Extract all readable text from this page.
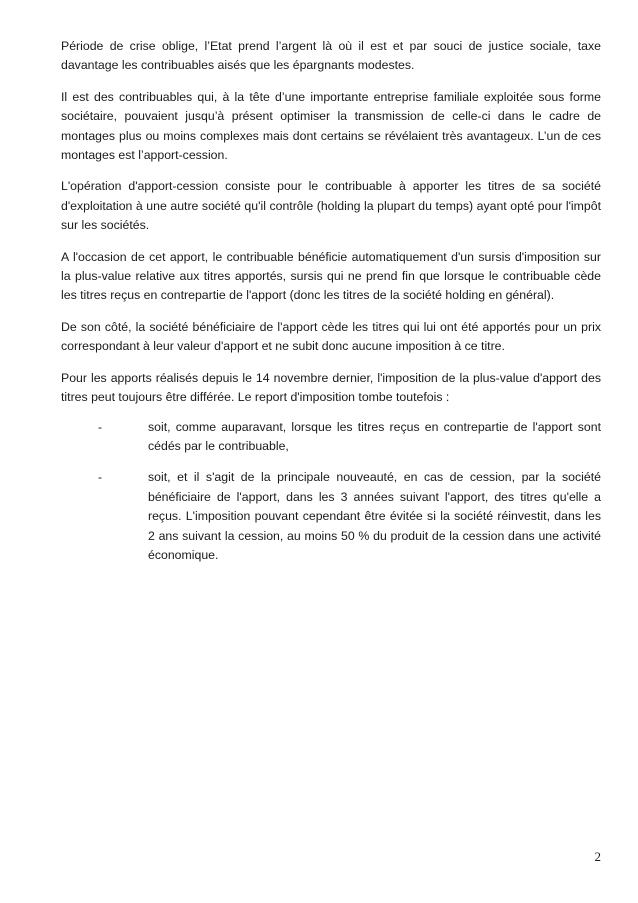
Période de crise oblige, l’Etat prend l’argent là où il est et par souci de justice sociale, taxe davantage les contribuables aisés que les épargnants modestes.

Il est des contribuables qui, à la tête d’une importante entreprise familiale exploitée sous forme sociétaire, pouvaient jusqu’à présent optimiser la transmission de celle-ci dans le cadre de montages plus ou moins complexes mais dont certains se révélaient très avantageux. L’un de ces montages est l’apport-cession.

L'opération d'apport-cession consiste pour le contribuable à apporter les titres de sa société d'exploitation à une autre société qu'il contrôle (holding la plupart du temps) ayant opté pour l'impôt sur les sociétés.

A l'occasion de cet apport, le contribuable bénéficie automatiquement d'un sursis d'imposition sur la plus-value relative aux titres apportés, sursis qui ne prend fin que lorsque le contribuable cède les titres reçus en contrepartie de l'apport (donc les titres de la société holding en général).

De son côté, la société bénéficiaire de l'apport cède les titres qui lui ont été apportés pour un prix correspondant à leur valeur d'apport et ne subit donc aucune imposition à ce titre.

Pour les apports réalisés depuis le 14 novembre dernier, l'imposition de la plus-value d'apport des titres peut toujours être différée. Le report d'imposition tombe toutefois :

-	soit, comme auparavant, lorsque les titres reçus en contrepartie de l'apport sont cédés par le contribuable,
-	soit, et il s'agit de la principale nouveauté, en cas de cession, par la société bénéficiaire de l'apport, dans les 3 années suivant l'apport, des titres qu'elle a reçus. L'imposition pouvant cependant être évitée si la société réinvestit, dans les 2 ans suivant la cession, au moins 50 % du produit de la cession dans une activité économique.
2
